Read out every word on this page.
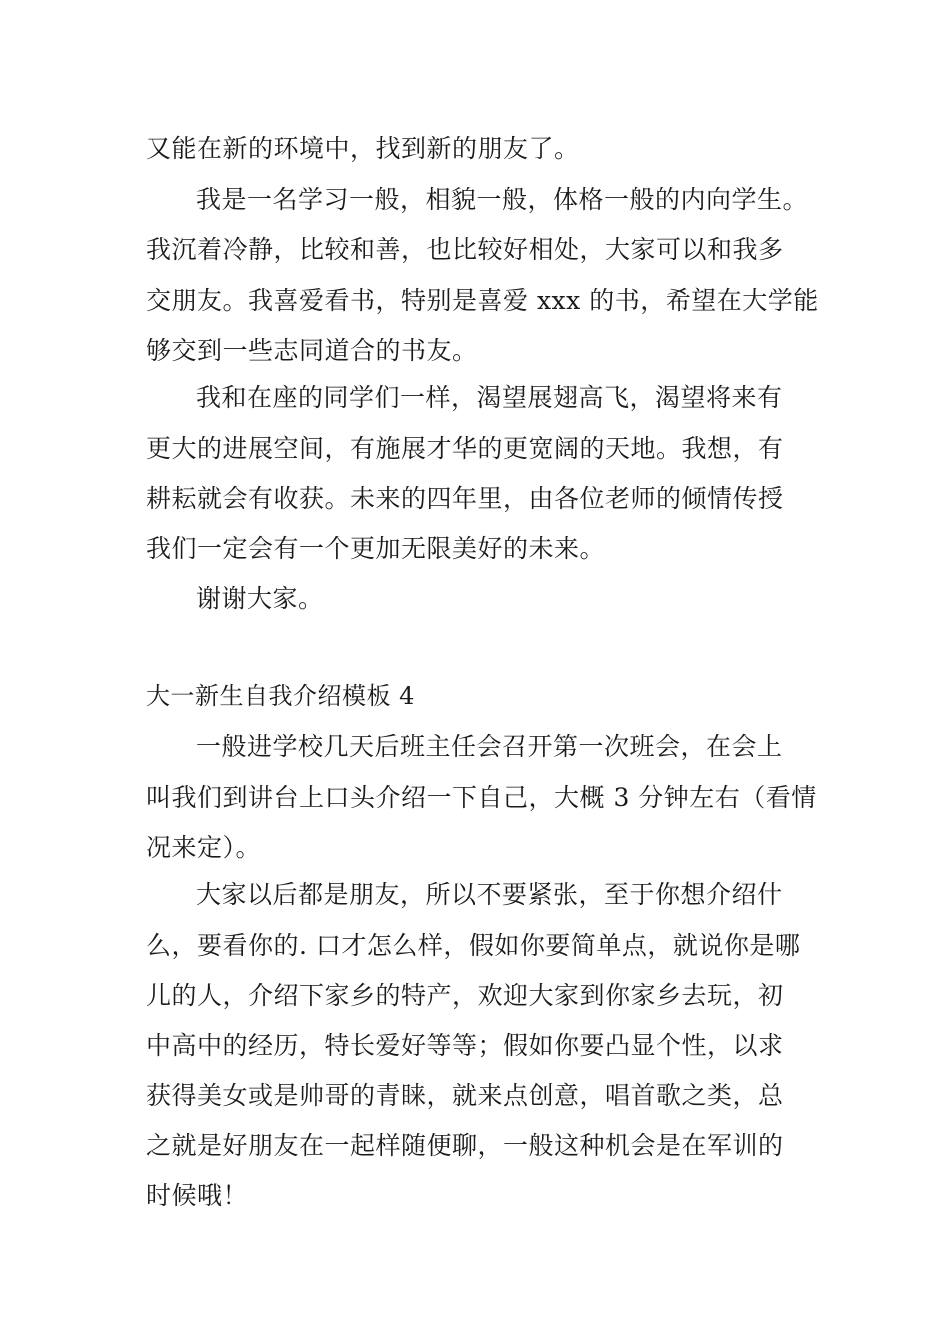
又能在新的环境中，找到新的朋友了。
我是一名学习一般，相貌一般，体格一般的内向学生。
我沉着冷静，比较和善，也比较好相处，大家可以和我多
交朋友。我喜爱看书，特别是喜爱 xxx 的书，希望在大学能
够交到一些志同道合的书友。
我和在座的同学们一样，渴望展翅高飞，渴望将来有
更大的进展空间，有施展才华的更宽阔的天地。我想，有
耕耘就会有收获。未来的四年里，由各位老师的倾情传授
我们一定会有一个更加无限美好的未来。
谢谢大家。
大一新生自我介绍模板 4
一般进学校几天后班主任会召开第一次班会，在会上
叫我们到讲台上口头介绍一下自己，大概 3 分钟左右（看情
况来定）。
大家以后都是朋友，所以不要紧张，至于你想介绍什
么，要看你的. 口才怎么样，假如你要简单点，就说你是哪
儿的人，介绍下家乡的特产，欢迎大家到你家乡去玩，初
中高中的经历，特长爱好等等；假如你要凸显个性，以求
获得美女或是帅哥的青睐，就来点创意，唱首歌之类，总
之就是好朋友在一起样随便聊，一般这种机会是在军训的
时候哦！
